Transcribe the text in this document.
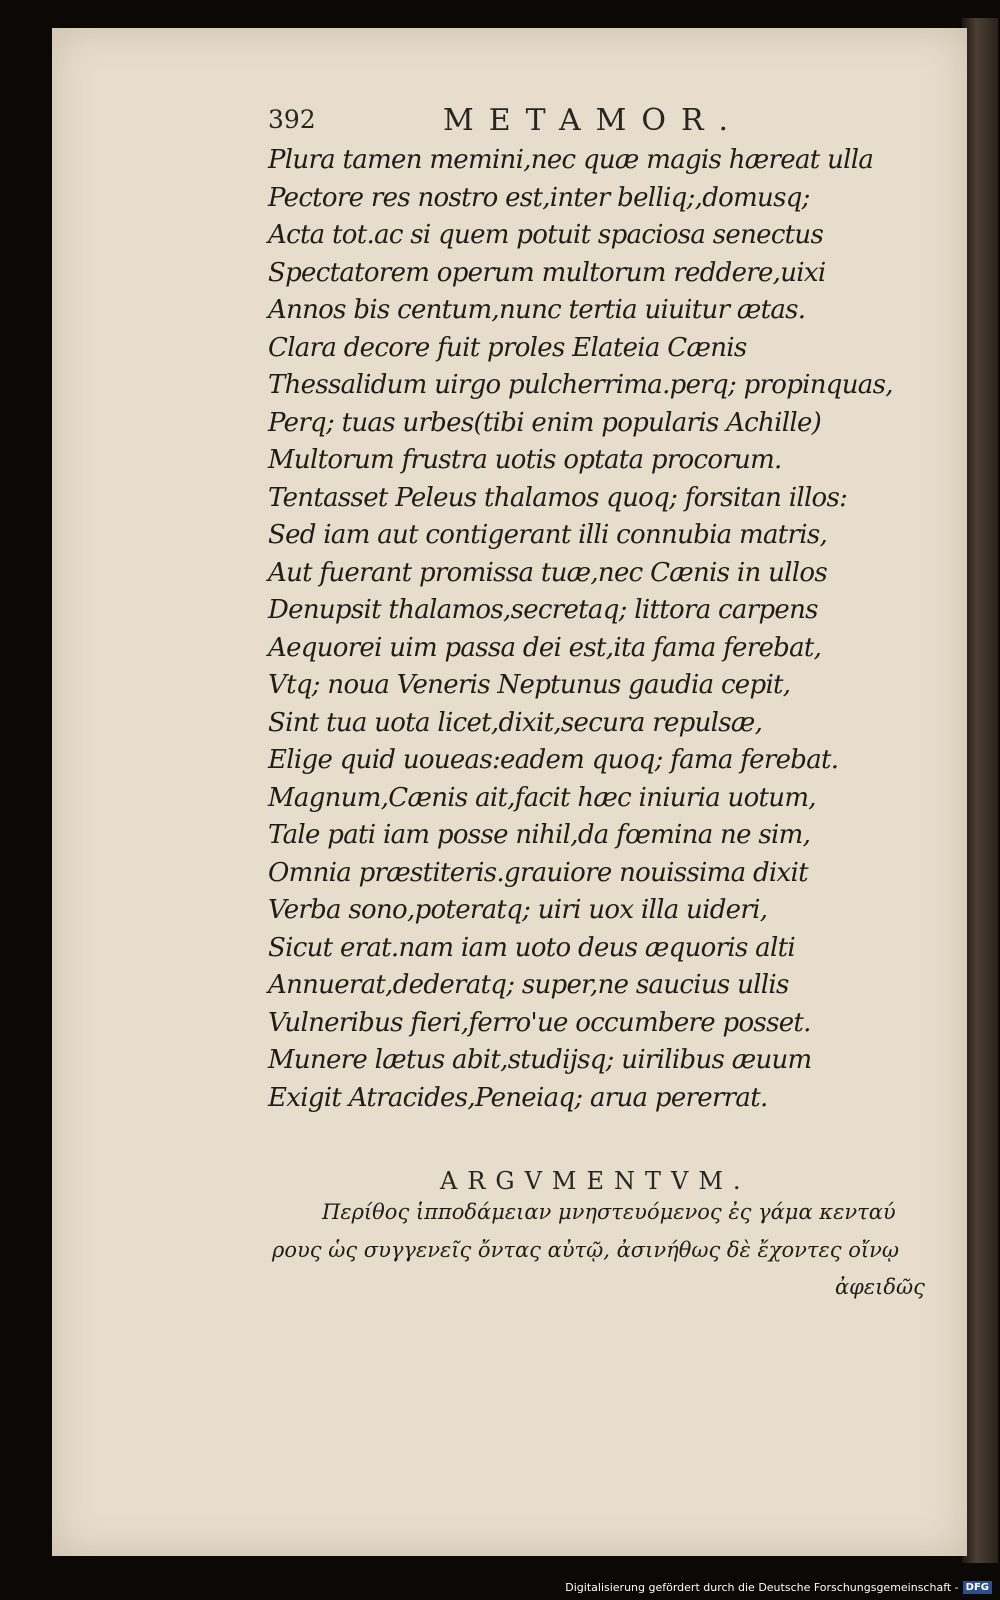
392	METAMOR.
Plura tamen memini,nec quæ magis hæreat ulla
Pectore res nostro est,inter belliq;,domusq;
Acta tot.ac si quem potuit spaciosa senectus
Spectatorem operum multorum reddere,uixi
Annos bis centum,nunc tertia uiuitur ætas.
Clara decore fuit proles Elateia Cænis
Thessalidum uirgo pulcherrima.perq; propinquas,
Perq; tuas urbes(tibi enim popularis Achille)
Multorum frustra uotis optata procorum.
Tentasset Peleus thalamos quoq; forsitan illos:
Sed iam aut contigerant illi connubia matris,
Aut fuerant promissa tuæ,nec Cænis in ullos
Denupsit thalamos,secretaq; littora carpens
Aequorei uim passa dei est,ita fama ferebat,
Vtq; noua Veneris Neptunus gaudia cepit,
Sint tua uota licet,dixit,secura repulsæ,
Elige quid uoueas:eadem quoq; fama ferebat.
Magnum,Cænis ait,facit hæc iniuria uotum,
Tale pati iam posse nihil,da fœmina ne sim,
Omnia præstiteris.grauiore nouissima dixit
Verba sono,poteratq; uiri uox illa uideri,
Sicut erat.nam iam uoto deus æquoris alti
Annuerat,dederatq; super,ne saucius ullis
Vulneribus fieri,ferro'ue occumbere posset.
Munere lætus abit,studijsq; uirilibus æuum
Exigit Atracides,Peneiaq; arua pererrat.
ARGVMENTVM.
Περίθος ἱπποδάμειαν μνηστευόμενος ἐς γάμα κενταύ
ρους ὡς συγγενεῖς ὄντας αὐτῷ, ἀσινήθως δὲ ἔχοντες οἴνῳ
ἀφειδῶς
Digitalisierung gefördert durch die Deutsche Forschungsgemeinschaft - DFG
